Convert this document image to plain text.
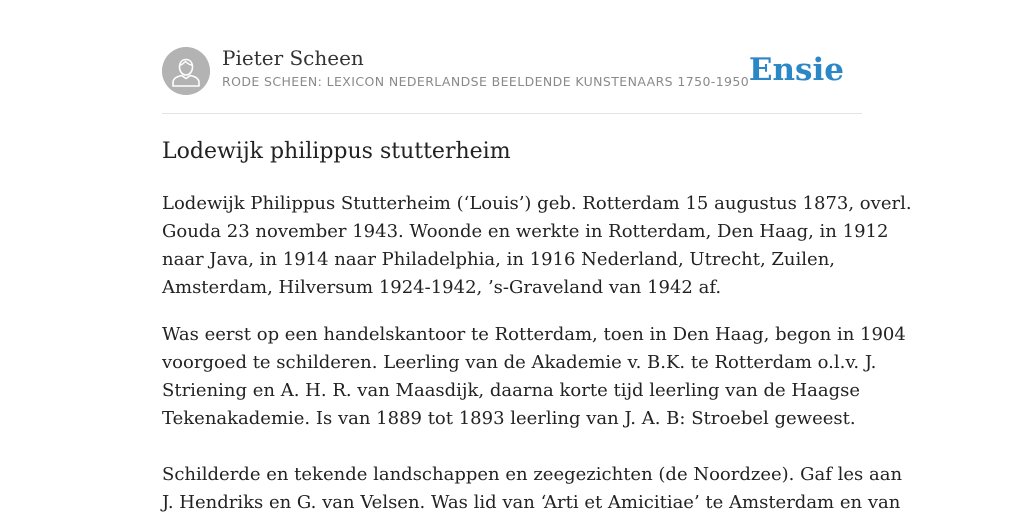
Pieter Scheen
RODE SCHEEN: LEXICON NEDERLANDSE BEELDENDE KUNSTENAARS 1750-1950 Ensie
Lodewijk philippus stutterheim
Lodewijk Philippus Stutterheim (‘Louis’) geb. Rotterdam 15 augustus 1873, overl.
Gouda 23 november 1943. Woonde en werkte in Rotterdam, Den Haag, in 1912
naar Java, in 1914 naar Philadelphia, in 1916 Nederland, Utrecht, Zuilen,
Amsterdam, Hilversum 1924-1942, ’s-Graveland van 1942 af.
Was eerst op een handelskantoor te Rotterdam, toen in Den Haag, begon in 1904
voorgoed te schilderen. Leerling van de Akademie v. B.K. te Rotterdam o.l.v. J.
Striening en A. H. R. van Maasdijk, daarna korte tijd leerling van de Haagse
Tekenakademie. Is van 1889 tot 1893 leerling van J. A. B: Stroebel geweest.
Schilderde en tekende landschappen en zeegezichten (de Noordzee). Gaf les aan
J. Hendriks en G. van Velsen. Was lid van ‘Arti et Amicitiae’ te Amsterdam en van
